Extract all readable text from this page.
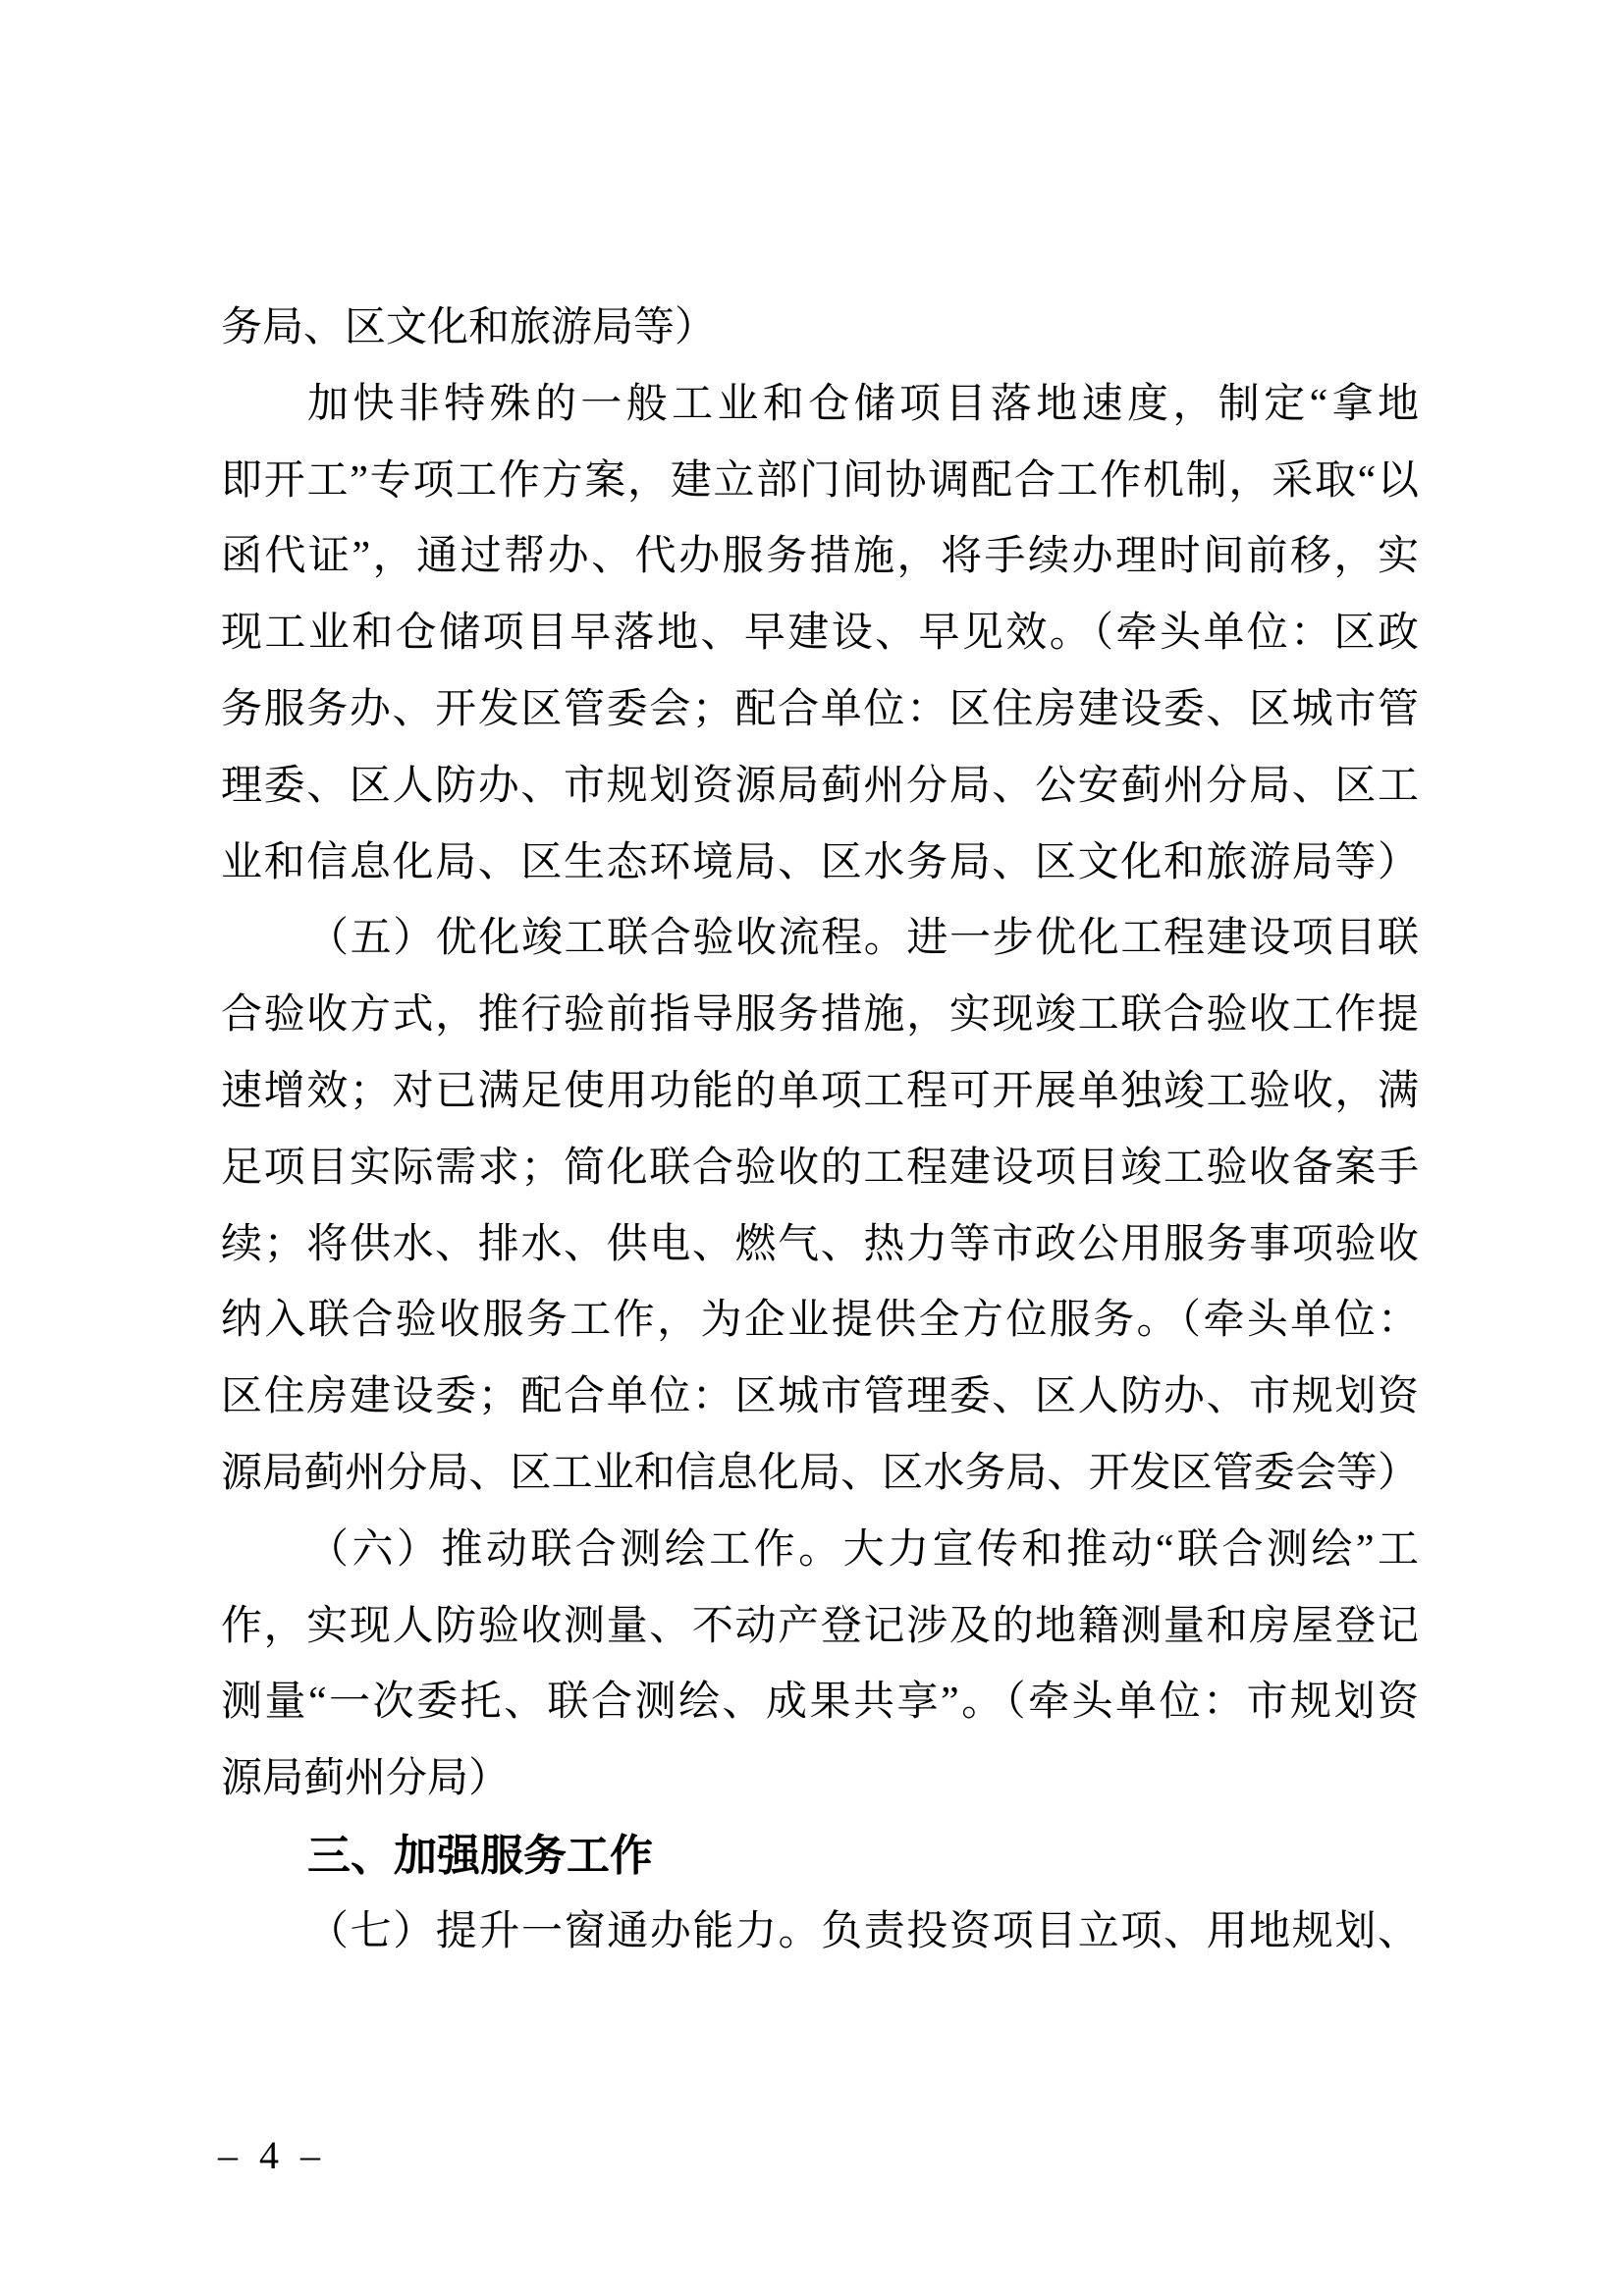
务局、区文化和旅游局等）
加快非特殊的一般工业和仓储项目落地速度，制定“拿地
即开工”专项工作方案，建立部门间协调配合工作机制，采取“以
函代证”，通过帮办、代办服务措施，将手续办理时间前移，实
现工业和仓储项目早落地、早建设、早见效。（牵头单位：区政
务服务办、开发区管委会；配合单位：区住房建设委、区城市管
理委、区人防办、市规划资源局蓟州分局、公安蓟州分局、区工
业和信息化局、区生态环境局、区水务局、区文化和旅游局等）
（五）优化竣工联合验收流程。进一步优化工程建设项目联
合验收方式，推行验前指导服务措施，实现竣工联合验收工作提
速增效；对已满足使用功能的单项工程可开展单独竣工验收，满
足项目实际需求；简化联合验收的工程建设项目竣工验收备案手
续；将供水、排水、供电、燃气、热力等市政公用服务事项验收
纳入联合验收服务工作，为企业提供全方位服务。（牵头单位：
区住房建设委；配合单位：区城市管理委、区人防办、市规划资
源局蓟州分局、区工业和信息化局、区水务局、开发区管委会等）
（六）推动联合测绘工作。大力宣传和推动“联合测绘”工
作，实现人防验收测量、不动产登记涉及的地籍测量和房屋登记
测量“一次委托、联合测绘、成果共享”。（牵头单位：市规划资
源局蓟州分局）
三、加强服务工作
（七）提升一窗通办能力。负责投资项目立项、用地规划、
– 4 –
